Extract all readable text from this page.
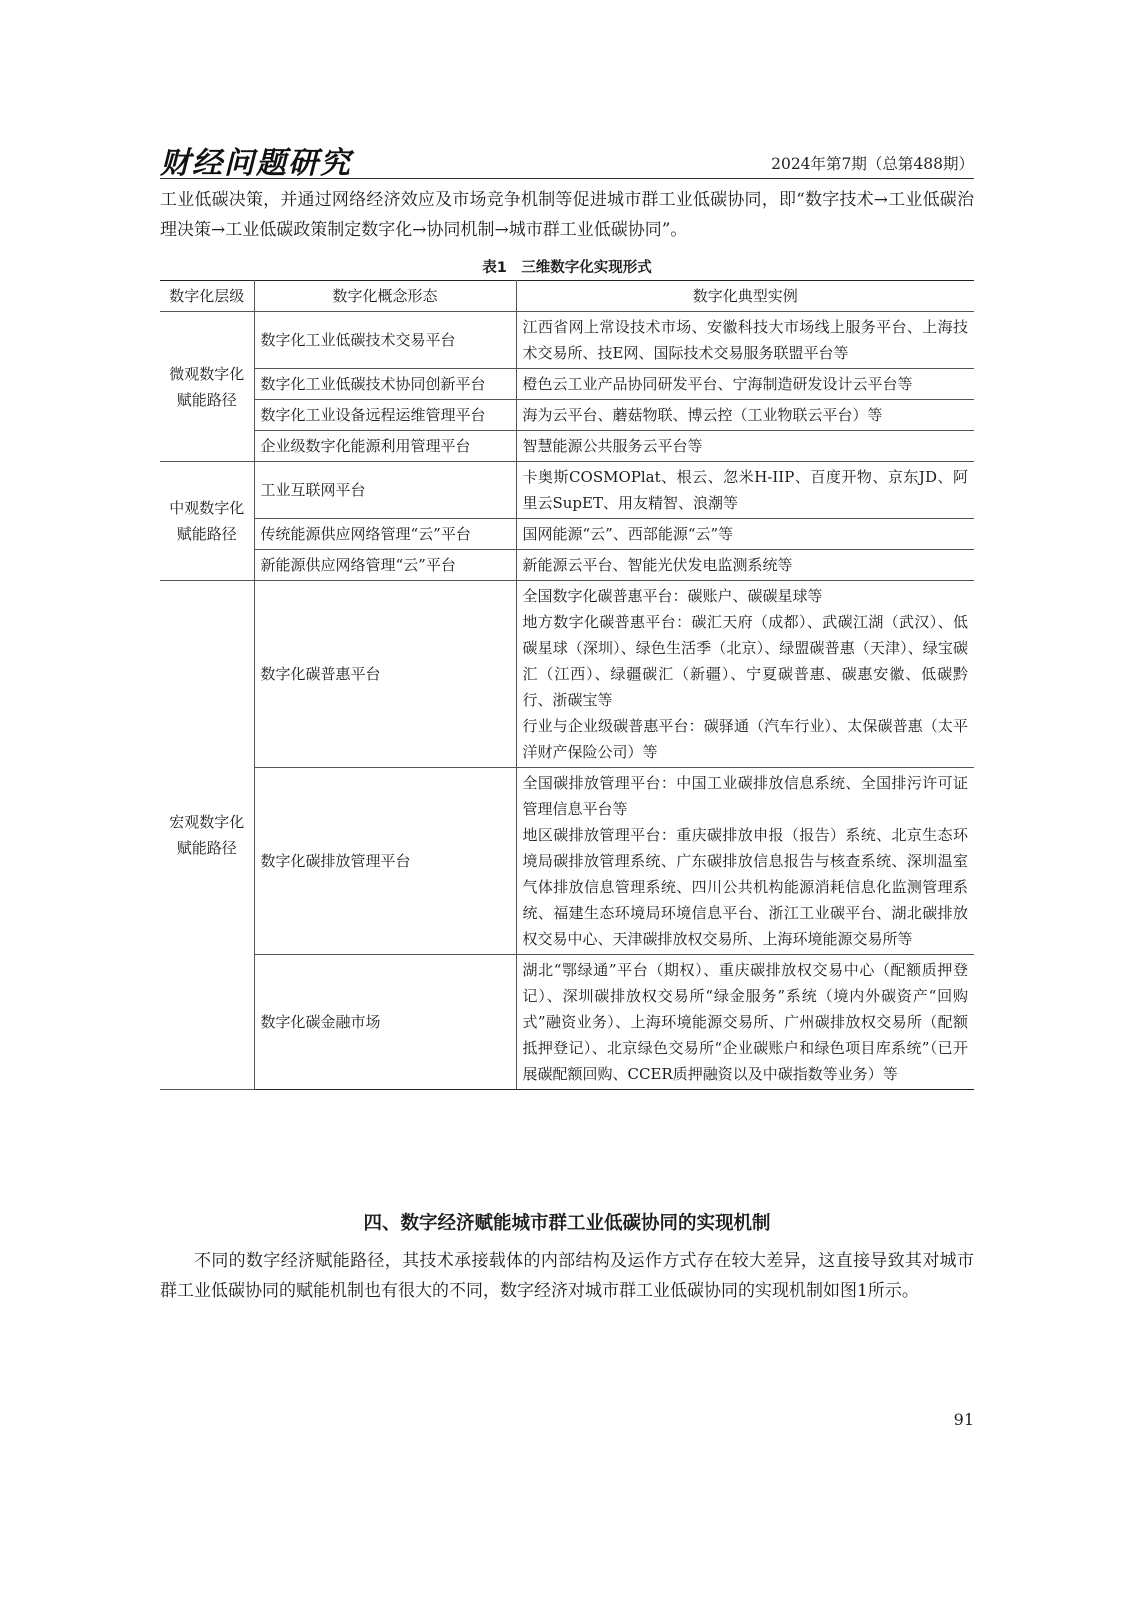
财经问题研究	2024年第7期（总第488期）

工业低碳决策，并通过网络经济效应及市场竞争机制等促进城市群工业低碳协同，即“数字技术→工业低碳治理决策→工业低碳政策制定数字化→协同机制→城市群工业低碳协同”。

表1　三维数字化实现形式
数字化层级	数字化概念形态	数字化典型实例
微观数字化赋能路径	数字化工业低碳技术交易平台	江西省网上常设技术市场、安徽科技大市场线上服务平台、上海技术交易所、技E网、国际技术交易服务联盟平台等

	数字化工业低碳技术协同创新平台	橙色云工业产品协同研发平台、宁海制造研发设计云平台等

	数字化工业设备远程运维管理平台	海为云平台、蘑菇物联、博云控（工业物联云平台）等

	企业级数字化能源利用管理平台	智慧能源公共服务云平台等

中观数字化赋能路径	工业互联网平台	卡奥斯COSMOPlat、根云、忽米H-IIP、百度开物、京东JD、阿里云SupET、用友精智、浪潮等

	传统能源供应网络管理“云”平台	国网能源“云”、西部能源“云”等

	新能源供应网络管理“云”平台	新能源云平台、智能光伏发电监测系统等

宏观数字化赋能路径	数字化碳普惠平台	全国数字化碳普惠平台：碳账户、碳碳星球等
地方数字化碳普惠平台：碳汇天府（成都）、武碳江湖（武汉）、低碳星球（深圳）、绿色生活季（北京）、绿盟碳普惠（天津）、绿宝碳汇（江西）、绿疆碳汇（新疆）、宁夏碳普惠、碳惠安徽、低碳黔行、浙碳宝等
行业与企业级碳普惠平台：碳驿通（汽车行业）、太保碳普惠（太平洋财产保险公司）等

	数字化碳排放管理平台	全国碳排放管理平台：中国工业碳排放信息系统、全国排污许可证管理信息平台等
地区碳排放管理平台：重庆碳排放申报（报告）系统、北京生态环境局碳排放管理系统、广东碳排放信息报告与核查系统、深圳温室气体排放信息管理系统、四川公共机构能源消耗信息化监测管理系统、福建生态环境局环境信息平台、浙江工业碳平台、湖北碳排放权交易中心、天津碳排放权交易所、上海环境能源交易所等

	数字化碳金融市场	湖北“鄂绿通”平台（期权）、重庆碳排放权交易中心（配额质押登记）、深圳碳排放权交易所“绿金服务”系统（境内外碳资产“回购式”融资业务）、上海环境能源交易所、广州碳排放权交易所（配额抵押登记）、北京绿色交易所“企业碳账户和绿色项目库系统”（已开展碳配额回购、CCER质押融资以及中碳指数等业务）等
四、数字经济赋能城市群工业低碳协同的实现机制

不同的数字经济赋能路径，其技术承接载体的内部结构及运作方式存在较大差异，这直接导致其对城市群工业低碳协同的赋能机制也有很大的不同，数字经济对城市群工业低碳协同的实现机制如图1所示。

91
